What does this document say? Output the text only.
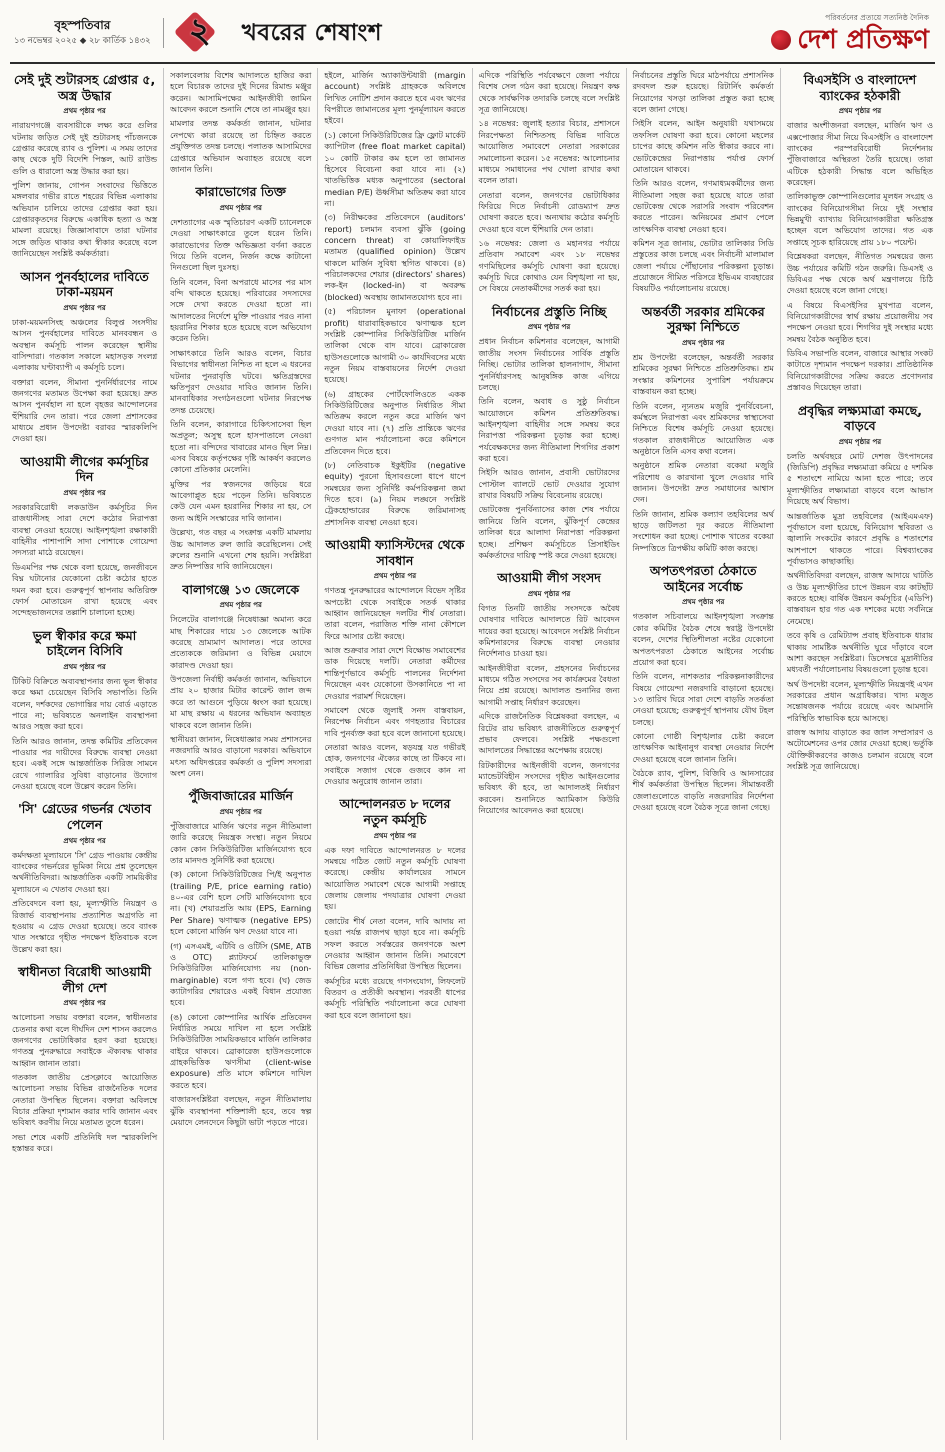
বৃহস্পতিবার
১৩ নভেম্বর ২০২৫ ◆ ২৮ কার্তিক ১৪৩২	২	খবরের শেষাংশ
পরিবর্তনের প্রত্যয়ে সত্যনিষ্ঠ দৈনিক
দেশ প্রতিক্ষণ
সেই দুই শুটারসহ গ্রেপ্তার ৫, অস্ত্র উদ্ধার
প্রথম পৃষ্ঠার পর

নারায়ণগঞ্জে ব্যবসায়ীকে লক্ষ্য করে গুলির ঘটনায় জড়িত সেই দুই শুটারসহ পাঁচজনকে গ্রেপ্তার করেছে র‌্যাব ও পুলিশ। এ সময় তাদের কাছ থেকে দুটি বিদেশি পিস্তল, আট রাউন্ড গুলি ও ধারালো অস্ত্র উদ্ধার করা হয়।

পুলিশ জানায়, গোপন সংবাদের ভিত্তিতে মঙ্গলবার গভীর রাতে শহরের বিভিন্ন এলাকায় অভিযান চালিয়ে তাদের গ্রেপ্তার করা হয়। গ্রেপ্তারকৃতদের বিরুদ্ধে একাধিক হত্যা ও অস্ত্র মামলা রয়েছে। জিজ্ঞাসাবাদে তারা ঘটনার সঙ্গে জড়িত থাকার কথা স্বীকার করেছে বলে জানিয়েছেন সংশ্লিষ্ট কর্মকর্তারা।

আসন পুনর্বহালের দাবিতে ঢাকা-ময়মন
প্রথম পৃষ্ঠার পর

ঢাকা-ময়মনসিংহ অঞ্চলের বিলুপ্ত সংসদীয় আসন পুনর্বহালের দাবিতে মানববন্ধন ও অবস্থান কর্মসূচি পালন করেছেন স্থানীয় বাসিন্দারা। গতকাল সকালে মহাসড়ক সংলগ্ন এলাকায় ঘণ্টাব্যাপী এ কর্মসূচি চলে।

বক্তারা বলেন, সীমানা পুনর্নির্ধারণের নামে জনগণের মতামত উপেক্ষা করা হয়েছে। দ্রুত আসন পুনর্বহাল না হলে বৃহত্তর আন্দোলনের হুঁশিয়ারি দেন তারা। পরে জেলা প্রশাসকের মাধ্যমে প্রধান উপদেষ্টা বরাবর স্মারকলিপি দেওয়া হয়।

আওয়ামী লীগের কর্মসূচির দিন
প্রথম পৃষ্ঠার পর

সরকারবিরোধী লকডাউন কর্মসূচির দিন রাজধানীসহ সারা দেশে কঠোর নিরাপত্তা ব্যবস্থা নেওয়া হয়েছে। আইনশৃঙ্খলা রক্ষাকারী বাহিনীর পাশাপাশি সাদা পোশাকে গোয়েন্দা সদস্যরা মাঠে রয়েছেন।

ডিএমপির পক্ষ থেকে বলা হয়েছে, জনজীবনে বিঘ্ন ঘটানোর যেকোনো চেষ্টা কঠোর হাতে দমন করা হবে। গুরুত্বপূর্ণ স্থাপনায় অতিরিক্ত ফোর্স মোতায়েন রাখা হয়েছে এবং সন্দেহভাজনদের তল্লাশি চালানো হচ্ছে।

ভুল স্বীকার করে ক্ষমা চাইলেন বিসিবি
প্রথম পৃষ্ঠার পর

টিকিট বিক্রিতে অব্যবস্থাপনার জন্য ভুল স্বীকার করে ক্ষমা চেয়েছেন বিসিবি সভাপতি। তিনি বলেন, দর্শকদের ভোগান্তির দায় বোর্ড এড়াতে পারে না; ভবিষ্যতে অনলাইন ব্যবস্থাপনা আরও সহজ করা হবে।

তিনি আরও জানান, তদন্ত কমিটির প্রতিবেদন পাওয়ার পর দায়ীদের বিরুদ্ধে ব্যবস্থা নেওয়া হবে। একই সঙ্গে আন্তর্জাতিক সিরিজ সামনে রেখে গ্যালারির সুবিধা বাড়ানোর উদ্যোগ নেওয়া হয়েছে বলে উল্লেখ করেন তিনি।

'সি' গ্রেডের গভর্নর খেতাব পেলেন
প্রথম পৃষ্ঠার পর

কর্মদক্ষতা মূল্যায়নে 'সি' গ্রেড পাওয়ায় কেন্দ্রীয় ব্যাংকের গভর্নরের ভূমিকা নিয়ে প্রশ্ন তুলেছেন অর্থনীতিবিদরা। আন্তর্জাতিক একটি সাময়িকীর মূল্যায়নে এ খেতাব দেওয়া হয়।

প্রতিবেদনে বলা হয়, মূল্যস্ফীতি নিয়ন্ত্রণ ও রিজার্ভ ব্যবস্থাপনায় প্রত্যাশিত অগ্রগতি না হওয়ায় এ গ্রেড দেওয়া হয়েছে। তবে ব্যাংক খাত সংস্কারে গৃহীত পদক্ষেপ ইতিবাচক বলে উল্লেখ করা হয়।

স্বাধীনতা বিরোধী আওয়ামী লীগ দেশ
প্রথম পৃষ্ঠার পর

আলোচনা সভায় বক্তারা বলেন, স্বাধীনতার চেতনার কথা বলে দীর্ঘদিন দেশ শাসন করলেও জনগণের ভোটাধিকার হরণ করা হয়েছে। গণতন্ত্র পুনরুদ্ধারে সবাইকে ঐক্যবদ্ধ থাকার আহ্বান জানান তারা।

গতকাল জাতীয় প্রেসক্লাবে আয়োজিত আলোচনা সভায় বিভিন্ন রাজনৈতিক দলের নেতারা উপস্থিত ছিলেন। বক্তারা অবিলম্বে বিচার প্রক্রিয়া দৃশ্যমান করার দাবি জানান এবং ভবিষ্যৎ করণীয় নিয়ে মতামত তুলে ধরেন।

সভা শেষে একটি প্রতিনিধি দল স্মারকলিপি হস্তান্তর করে।

সকালবেলায় বিশেষ আদালতে হাজির করা হলে বিচারক তাদের দুই দিনের রিমান্ড মঞ্জুর করেন। আসামিপক্ষের আইনজীবী জামিন আবেদন করলে শুনানি শেষে তা নামঞ্জুর হয়।

মামলার তদন্ত কর্মকর্তা জানান, ঘটনার নেপথ্যে কারা রয়েছে তা চিহ্নিত করতে প্রযুক্তিগত তদন্ত চলছে। পলাতক আসামিদের গ্রেপ্তারে অভিযান অব্যাহত রয়েছে বলে জানান তিনি।

কারাভোগের তিক্ত
প্রথম পৃষ্ঠার পর

দেশত্যাগের এক স্মৃতিচারণ একটি চ্যানেলকে দেওয়া সাক্ষাৎকারে তুলে ধরেন তিনি। কারাভোগের তিক্ত অভিজ্ঞতা বর্ণনা করতে গিয়ে তিনি বলেন, নির্জন কক্ষে কাটানো দিনগুলো ছিল দুঃসহ।

তিনি বলেন, বিনা অপরাধে মাসের পর মাস বন্দি থাকতে হয়েছে। পরিবারের সদস্যদের সঙ্গে দেখা করতে দেওয়া হতো না। আদালতের নির্দেশে মুক্তি পাওয়ার পরও নানা হয়রানির শিকার হতে হয়েছে বলে অভিযোগ করেন তিনি।

সাক্ষাৎকারে তিনি আরও বলেন, বিচার বিভাগের স্বাধীনতা নিশ্চিত না হলে এ ধরনের ঘটনার পুনরাবৃত্তি ঘটবে। ক্ষতিগ্রস্তদের ক্ষতিপূরণ দেওয়ার দাবিও জানান তিনি। মানবাধিকার সংগঠনগুলো ঘটনার নিরপেক্ষ তদন্ত চেয়েছে।

তিনি বলেন, কারাগারে চিকিৎসাসেবা ছিল অপ্রতুল; অসুস্থ হলে হাসপাতালে নেওয়া হতো না। বন্দিদের খাবারের মানও ছিল নিম্ন। এসব বিষয়ে কর্তৃপক্ষের দৃষ্টি আকর্ষণ করলেও কোনো প্রতিকার মেলেনি।

মুক্তির পর স্বজনদের জড়িয়ে ধরে আবেগাপ্লুত হয়ে পড়েন তিনি। ভবিষ্যতে কেউ যেন এমন হয়রানির শিকার না হয়, সে জন্য আইনি সংস্কারের দাবি জানান।

উল্লেখ্য, গত বছর এ সংক্রান্ত একটি মামলায় উচ্চ আদালত রুল জারি করেছিলেন। সেই রুলের শুনানি এখনো শেষ হয়নি। সংশ্লিষ্টরা দ্রুত নিষ্পত্তির দাবি জানিয়েছেন।

বালাগঞ্জে ১৩ জেলেকে
প্রথম পৃষ্ঠার পর

সিলেটের বালাগঞ্জে নিষেধাজ্ঞা অমান্য করে মাছ শিকারের দায়ে ১৩ জেলেকে আটক করেছে ভ্রাম্যমাণ আদালত। পরে তাদের প্রত্যেককে জরিমানা ও বিভিন্ন মেয়াদে কারাদণ্ড দেওয়া হয়।

উপজেলা নির্বাহী কর্মকর্তা জানান, অভিযানে প্রায় ২০ হাজার মিটার কারেন্ট জাল জব্দ করে তা আগুনে পুড়িয়ে ধ্বংস করা হয়েছে। মা মাছ রক্ষায় এ ধরনের অভিযান অব্যাহত থাকবে বলে জানান তিনি।

স্থানীয়রা জানান, নিষেধাজ্ঞার সময় প্রশাসনের নজরদারি আরও বাড়ানো দরকার। অভিযানে মৎস্য অধিদপ্তরের কর্মকর্তা ও পুলিশ সদস্যরা অংশ নেন।

পুঁজিবাজারের মার্জিন
প্রথম পৃষ্ঠার পর

পুঁজিবাজারে মার্জিন ঋণের নতুন নীতিমালা জারি করেছে নিয়ন্ত্রক সংস্থা। নতুন নিয়মে কোন কোন সিকিউরিটিজ মার্জিনযোগ্য হবে তার মানদণ্ড সুনির্দিষ্ট করা হয়েছে।

(ক) কোনো সিকিউরিটিজের পি/ই অনুপাত (trailing P/E, price earning ratio) ৪০-এর বেশি হলে সেটি মার্জিনযোগ্য হবে না। (খ) শেয়ারপ্রতি আয় (EPS, Earning Per Share) ঋণাত্মক (negative EPS) হলে কোনো মার্জিন ঋণ দেওয়া যাবে না।

(গ) এসএমই, এটিবি ও ওটিসি (SME, ATB ও OTC) প্ল্যাটফর্মে তালিকাভুক্ত সিকিউরিটিজ মার্জিনযোগ্য নয় (non-marginable) বলে গণ্য হবে। (ঘ) জেড ক্যাটাগরির শেয়ারেও একই বিধান প্রযোজ্য হবে।

(ঙ) কোনো কোম্পানির আর্থিক প্রতিবেদন নির্ধারিত সময়ে দাখিল না হলে সংশ্লিষ্ট সিকিউরিটিজ সাময়িকভাবে মার্জিন তালিকার বাইরে থাকবে। ব্রোকারেজ হাউসগুলোকে গ্রাহকভিত্তিক ঋণসীমা (client-wise exposure) প্রতি মাসে কমিশনে দাখিল করতে হবে।

বাজারসংশ্লিষ্টরা বলছেন, নতুন নীতিমালায় ঝুঁকি ব্যবস্থাপনা শক্তিশালী হবে, তবে স্বল্প মেয়াদে লেনদেনে কিছুটা ভাটা পড়তে পারে।

হইলে, মার্জিন অ্যাকাউন্টধারী (margin account) সংশ্লিষ্ট গ্রাহককে অবিলম্বে লিখিত নোটিশ প্রদান করতে হবে এবং ঋণের বিপরীতে জামানতের মূল্য পুনর্মূল্যায়ন করতে হইবে।

(১) কোনো সিকিউরিটিজের ফ্রি ফ্লোট মার্কেট ক্যাপিটাল (free float market capital) ১০ কোটি টাকার কম হলে তা জামানত হিসেবে বিবেচনা করা যাবে না। (২) খাতভিত্তিক মধ্যক অনুপাতের (sectoral median P/E) ঊর্ধ্বসীমা অতিক্রম করা যাবে না।

(৩) নিরীক্ষকের প্রতিবেদনে (auditors' report) চলমান ব্যবসা ঝুঁকি (going concern threat) বা কোয়ালিফাইড মতামত (qualified opinion) উল্লেখ থাকলে মার্জিন সুবিধা স্থগিত থাকবে। (৪) পরিচালকদের শেয়ার (directors' shares) লক-ইন (locked-in) বা অবরুদ্ধ (blocked) অবস্থায় জামানতযোগ্য হবে না।

(৫) পরিচালন মুনাফা (operational profit) ধারাবাহিকভাবে ঋণাত্মক হলে সংশ্লিষ্ট কোম্পানির সিকিউরিটিজ মার্জিন তালিকা থেকে বাদ যাবে। ব্রোকারেজ হাউসগুলোকে আগামী ৩০ কার্যদিবসের মধ্যে নতুন নিয়ম বাস্তবায়নের নির্দেশ দেওয়া হয়েছে।

(৬) গ্রাহকের পোর্টফোলিওতে একক সিকিউরিটিজের অনুপাত নির্ধারিত সীমা অতিক্রম করলে নতুন করে মার্জিন ঋণ দেওয়া যাবে না। (৭) প্রতি প্রান্তিকে ঋণের গুণগত মান পর্যালোচনা করে কমিশনে প্রতিবেদন দিতে হবে।

(৮) নেতিবাচক ইকুইটির (negative equity) পুরনো হিসাবগুলো ধাপে ধাপে সমন্বয়ের জন্য সুনির্দিষ্ট কর্মপরিকল্পনা জমা দিতে হবে। (৯) নিয়ম লঙ্ঘনে সংশ্লিষ্ট ট্রেকহোল্ডারের বিরুদ্ধে জরিমানাসহ প্রশাসনিক ব্যবস্থা নেওয়া হবে।

আওয়ামী ফ্যাসিস্টদের থেকে সাবধান
প্রথম পৃষ্ঠার পর

গণতন্ত্র পুনরুদ্ধারের আন্দোলনে বিভেদ সৃষ্টির অপচেষ্টা থেকে সবাইকে সতর্ক থাকার আহ্বান জানিয়েছেন দলটির শীর্ষ নেতারা। তারা বলেন, পরাজিত শক্তি নানা কৌশলে ফিরে আসার চেষ্টা করছে।

আজ শুক্রবার সারা দেশে বিক্ষোভ সমাবেশের ডাক দিয়েছে দলটি। নেতারা কর্মীদের শান্তিপূর্ণভাবে কর্মসূচি পালনের নির্দেশনা দিয়েছেন এবং যেকোনো উসকানিতে পা না দেওয়ার পরামর্শ দিয়েছেন।

সমাবেশ থেকে জুলাই সনদ বাস্তবায়ন, নিরপেক্ষ নির্বাচন এবং গণহত্যার বিচারের দাবি পুনর্ব্যক্ত করা হবে বলে জানানো হয়েছে।

নেতারা আরও বলেন, ষড়যন্ত্র যত গভীরই হোক, জনগণের ঐক্যের কাছে তা টিকবে না। সবাইকে সজাগ থেকে গুজবে কান না দেওয়ার অনুরোধ জানান তারা।

আন্দোলনরত ৮ দলের নতুন কর্মসূচি
প্রথম পৃষ্ঠার পর

এক দফা দাবিতে আন্দোলনরত ৮ দলের সমন্বয়ে গঠিত জোট নতুন কর্মসূচি ঘোষণা করেছে। কেন্দ্রীয় কার্যালয়ের সামনে আয়োজিত সমাবেশ থেকে আগামী সপ্তাহে জেলায় জেলায় পদযাত্রার ঘোষণা দেওয়া হয়।

জোটের শীর্ষ নেতা বলেন, দাবি আদায় না হওয়া পর্যন্ত রাজপথ ছাড়া হবে না। কর্মসূচি সফল করতে সর্বস্তরের জনগণকে অংশ নেওয়ার আহ্বান জানান তিনি। সমাবেশে বিভিন্ন জেলার প্রতিনিধিরা উপস্থিত ছিলেন।

কর্মসূচির মধ্যে রয়েছে গণসংযোগ, লিফলেট বিতরণ ও প্রতীকী অবস্থান। পরবর্তী ধাপের কর্মসূচি পরিস্থিতি পর্যালোচনা করে ঘোষণা করা হবে বলে জানানো হয়।

এদিকে পরিস্থিতি পর্যবেক্ষণে জেলা পর্যায়ে বিশেষ সেল গঠন করা হয়েছে। নিয়ন্ত্রণ কক্ষ থেকে সার্বক্ষণিক তদারকি চলছে বলে সংশ্লিষ্ট সূত্র জানিয়েছে।

১৪ নভেম্বর: জুলাই হত্যার বিচার, প্রশাসনে নিরপেক্ষতা নিশ্চিতসহ বিভিন্ন দাবিতে আয়োজিত সমাবেশে নেতারা সরকারের সমালোচনা করেন। ১৫ নভেম্বর: আলোচনার মাধ্যমে সমাধানের পথ খোলা রাখার কথা বলেন তারা।

নেতারা বলেন, জনগণের ভোটাধিকার ফিরিয়ে দিতে নির্বাচনী রোডম্যাপ দ্রুত ঘোষণা করতে হবে। অন্যথায় কঠোর কর্মসূচি দেওয়া হবে বলে হুঁশিয়ারি দেন তারা।

১৬ নভেম্বর: জেলা ও মহানগর পর্যায়ে প্রতিবাদ সমাবেশ এবং ১৮ নভেম্বর গণমিছিলের কর্মসূচি ঘোষণা করা হয়েছে। কর্মসূচি ঘিরে কোথাও যেন বিশৃঙ্খলা না হয়, সে বিষয়ে নেতাকর্মীদের সতর্ক করা হয়।

নির্বাচনের প্রস্তুতি নিচ্ছি
প্রথম পৃষ্ঠার পর

প্রধান নির্বাচন কমিশনার বলেছেন, আগামী জাতীয় সংসদ নির্বাচনের সার্বিক প্রস্তুতি নিচ্ছি। ভোটার তালিকা হালনাগাদ, সীমানা পুনর্নির্ধারণসহ আনুষঙ্গিক কাজ এগিয়ে চলছে।

তিনি বলেন, অবাধ ও সুষ্ঠু নির্বাচন আয়োজনে কমিশন প্রতিশ্রুতিবদ্ধ। আইনশৃঙ্খলা বাহিনীর সঙ্গে সমন্বয় করে নিরাপত্তা পরিকল্পনা চূড়ান্ত করা হচ্ছে। পর্যবেক্ষকদের জন্য নীতিমালা শিগগির প্রকাশ করা হবে।

সিইসি আরও জানান, প্রবাসী ভোটারদের পোস্টাল ব্যালটে ভোট দেওয়ার সুযোগ রাখার বিষয়টি সক্রিয় বিবেচনায় রয়েছে।

ভোটকেন্দ্র পুনর্বিন্যাসের কাজ শেষ পর্যায়ে জানিয়ে তিনি বলেন, ঝুঁকিপূর্ণ কেন্দ্রের তালিকা ধরে আলাদা নিরাপত্তা পরিকল্পনা হচ্ছে। প্রশিক্ষণ কর্মসূচিতে প্রিসাইডিং কর্মকর্তাদের দায়িত্ব স্পষ্ট করে দেওয়া হয়েছে।

আওয়ামী লীগ সংসদ
প্রথম পৃষ্ঠার পর

বিগত তিনটি জাতীয় সংসদকে অবৈধ ঘোষণার দাবিতে আদালতে রিট আবেদন দায়ের করা হয়েছে। আবেদনে সংশ্লিষ্ট নির্বাচন কমিশনারদের বিরুদ্ধে ব্যবস্থা নেওয়ার নির্দেশনাও চাওয়া হয়।

আইনজীবীরা বলেন, প্রহসনের নির্বাচনের মাধ্যমে গঠিত সংসদের সব কার্যক্রমের বৈধতা নিয়ে প্রশ্ন রয়েছে। আদালত শুনানির জন্য আগামী সপ্তাহ নির্ধারণ করেছেন।

এদিকে রাজনৈতিক বিশ্লেষকরা বলছেন, এ রিটের রায় ভবিষ্যৎ রাজনীতিতে গুরুত্বপূর্ণ প্রভাব ফেলবে। সংশ্লিষ্ট পক্ষগুলো আদালতের সিদ্ধান্তের অপেক্ষায় রয়েছে।

রিটকারীদের আইনজীবী বলেন, জনগণের ম্যান্ডেটবিহীন সংসদের গৃহীত আইনগুলোর ভবিষ্যৎ কী হবে, তা আদালতই নির্ধারণ করবেন। শুনানিতে অ্যামিকাস কিউরি নিয়োগের আবেদনও করা হয়েছে।

নির্বাচনের প্রস্তুতি ঘিরে মাঠপর্যায়ে প্রশাসনিক রদবদল শুরু হয়েছে। রিটার্নিং কর্মকর্তা নিয়োগের খসড়া তালিকা প্রস্তুত করা হচ্ছে বলে জানা গেছে।

সিইসি বলেন, আইন অনুযায়ী যথাসময়ে তফসিল ঘোষণা করা হবে। কোনো মহলের চাপের কাছে কমিশন নতি স্বীকার করবে না। ভোটকেন্দ্রের নিরাপত্তায় পর্যাপ্ত ফোর্স মোতায়েন থাকবে।

তিনি আরও বলেন, গণমাধ্যমকর্মীদের জন্য নীতিমালা সহজ করা হয়েছে যাতে তারা ভোটকেন্দ্র থেকে সরাসরি সংবাদ পরিবেশন করতে পারেন। অনিয়মের প্রমাণ পেলে তাৎক্ষণিক ব্যবস্থা নেওয়া হবে।

কমিশন সূত্র জানায়, ভোটার তালিকার সিডি প্রস্তুতের কাজ চলছে এবং নির্বাচনী মালামাল জেলা পর্যায়ে পৌঁছানোর পরিকল্পনা চূড়ান্ত। প্রয়োজনে সীমিত পরিসরে ইভিএম ব্যবহারের বিষয়টিও পর্যালোচনায় রয়েছে।

অন্তর্বর্তী সরকার শ্রমিকের সুরক্ষা নিশ্চিতে
প্রথম পৃষ্ঠার পর

শ্রম উপদেষ্টা বলেছেন, অন্তর্বর্তী সরকার শ্রমিকের সুরক্ষা নিশ্চিতে প্রতিশ্রুতিবদ্ধ। শ্রম সংস্কার কমিশনের সুপারিশ পর্যায়ক্রমে বাস্তবায়ন করা হচ্ছে।

তিনি বলেন, ন্যূনতম মজুরি পুনর্বিবেচনা, কর্মস্থলে নিরাপত্তা এবং শ্রমিকদের স্বাস্থ্যসেবা নিশ্চিতে বিশেষ কর্মসূচি নেওয়া হয়েছে। গতকাল রাজধানীতে আয়োজিত এক অনুষ্ঠানে তিনি এসব কথা বলেন।

অনুষ্ঠানে শ্রমিক নেতারা বকেয়া মজুরি পরিশোধ ও কারখানা খুলে দেওয়ার দাবি জানান। উপদেষ্টা দ্রুত সমাধানের আশ্বাস দেন।

তিনি জানান, শ্রমিক কল্যাণ তহবিলের অর্থ ছাড়ে জটিলতা দূর করতে নীতিমালা সংশোধন করা হচ্ছে। পোশাক খাতের বকেয়া নিষ্পত্তিতে ত্রিপক্ষীয় কমিটি কাজ করছে।

অপতৎপরতা ঠেকাতে আইনের সর্বোচ্চ
প্রথম পৃষ্ঠার পর

গতকাল সচিবালয়ে আইনশৃঙ্খলা সংক্রান্ত কোর কমিটির বৈঠক শেষে স্বরাষ্ট্র উপদেষ্টা বলেন, দেশের স্থিতিশীলতা নষ্টের যেকোনো অপতৎপরতা ঠেকাতে আইনের সর্বোচ্চ প্রয়োগ করা হবে।

তিনি বলেন, নাশকতার পরিকল্পনাকারীদের বিষয়ে গোয়েন্দা নজরদারি বাড়ানো হয়েছে। ১৩ তারিখ ঘিরে সারা দেশে বাড়তি সতর্কতা নেওয়া হয়েছে; গুরুত্বপূর্ণ স্থাপনায় যৌথ টহল চলছে।

কোনো গোষ্ঠী বিশৃঙ্খলার চেষ্টা করলে তাৎক্ষণিক আইনানুগ ব্যবস্থা নেওয়ার নির্দেশ দেওয়া হয়েছে বলে জানান তিনি।

বৈঠকে র‌্যাব, পুলিশ, বিজিবি ও আনসারের শীর্ষ কর্মকর্তারা উপস্থিত ছিলেন। সীমান্তবর্তী জেলাগুলোতে বাড়তি নজরদারির নির্দেশনা দেওয়া হয়েছে বলে বৈঠক সূত্রে জানা গেছে।

বিএসইসি ও বাংলাদেশ ব্যাংকের হঠকারী
প্রথম পৃষ্ঠার পর

বাজার অংশীজনরা বলছেন, মার্জিন ঋণ ও এক্সপোজার সীমা নিয়ে বিএসইসি ও বাংলাদেশ ব্যাংকের পরস্পরবিরোধী নির্দেশনায় পুঁজিবাজারে অস্থিরতা তৈরি হয়েছে। তারা এটিকে হঠকারী সিদ্ধান্ত বলে অভিহিত করেছেন।

তালিকাভুক্ত কোম্পানিগুলোর মূলধন সংগ্রহ ও ব্যাংকের বিনিয়োগসীমা নিয়ে দুই সংস্থার ভিন্নমুখী ব্যাখ্যায় বিনিয়োগকারীরা ক্ষতিগ্রস্ত হচ্ছেন বলে অভিযোগ তাদের। গত এক সপ্তাহে সূচক হারিয়েছে প্রায় ১৮০ পয়েন্ট।

বিশ্লেষকরা বলছেন, নীতিগত সমন্বয়ের জন্য উচ্চ পর্যায়ের কমিটি গঠন জরুরি। ডিএসই ও ডিবিএর পক্ষ থেকে অর্থ মন্ত্রণালয়ে চিঠি দেওয়া হয়েছে বলে জানা গেছে।

এ বিষয়ে বিএসইসির মুখপাত্র বলেন, বিনিয়োগকারীদের স্বার্থ রক্ষায় প্রয়োজনীয় সব পদক্ষেপ নেওয়া হবে। শিগগির দুই সংস্থার মধ্যে সমন্বয় বৈঠক অনুষ্ঠিত হবে।

ডিবিএ সভাপতি বলেন, বাজারে আস্থার সংকট কাটাতে দৃশ্যমান পদক্ষেপ দরকার। প্রাতিষ্ঠানিক বিনিয়োগকারীদের সক্রিয় করতে প্রণোদনার প্রস্তাবও দিয়েছেন তারা।

প্রবৃদ্ধির লক্ষ্যমাত্রা কমছে, বাড়বে
প্রথম পৃষ্ঠার পর

চলতি অর্থবছরে মোট দেশজ উৎপাদনের (জিডিপি) প্রবৃদ্ধির লক্ষ্যমাত্রা কমিয়ে ৫ দশমিক ৫ শতাংশে নামিয়ে আনা হতে পারে; তবে মূল্যস্ফীতির লক্ষ্যমাত্রা বাড়বে বলে আভাস দিয়েছে অর্থ বিভাগ।

আন্তর্জাতিক মুদ্রা তহবিলের (আইএমএফ) পূর্বাভাসে বলা হয়েছে, বিনিয়োগ স্থবিরতা ও জ্বালানি সংকটের কারণে প্রবৃদ্ধি ৪ শতাংশের আশপাশে থাকতে পারে। বিশ্বব্যাংকের পূর্বাভাসও কাছাকাছি।

অর্থনীতিবিদরা বলছেন, রাজস্ব আদায়ে ঘাটতি ও উচ্চ মূল্যস্ফীতির চাপে উন্নয়ন ব্যয় কাটছাঁট করতে হচ্ছে। বার্ষিক উন্নয়ন কর্মসূচির (এডিপি) বাস্তবায়ন হার গত এক দশকের মধ্যে সর্বনিম্নে নেমেছে।

তবে কৃষি ও রেমিট্যান্স প্রবাহ ইতিবাচক ধারায় থাকায় সামষ্টিক অর্থনীতি ঘুরে দাঁড়াবে বলে আশা করছেন সংশ্লিষ্টরা। ডিসেম্বরে মুদ্রানীতির মধ্যবর্তী পর্যালোচনায় বিষয়গুলো চূড়ান্ত হবে।

অর্থ উপদেষ্টা বলেন, মূল্যস্ফীতি নিয়ন্ত্রণই এখন সরকারের প্রধান অগ্রাধিকার। খাদ্য মজুত সন্তোষজনক পর্যায়ে রয়েছে এবং আমদানি পরিস্থিতি স্বাভাবিক হয়ে আসছে।

রাজস্ব আদায় বাড়াতে কর জাল সম্প্রসারণ ও অটোমেশনের ওপর জোর দেওয়া হচ্ছে। ভর্তুকি যৌক্তিকীকরণের কাজও চলমান রয়েছে বলে সংশ্লিষ্ট সূত্র জানিয়েছে।
